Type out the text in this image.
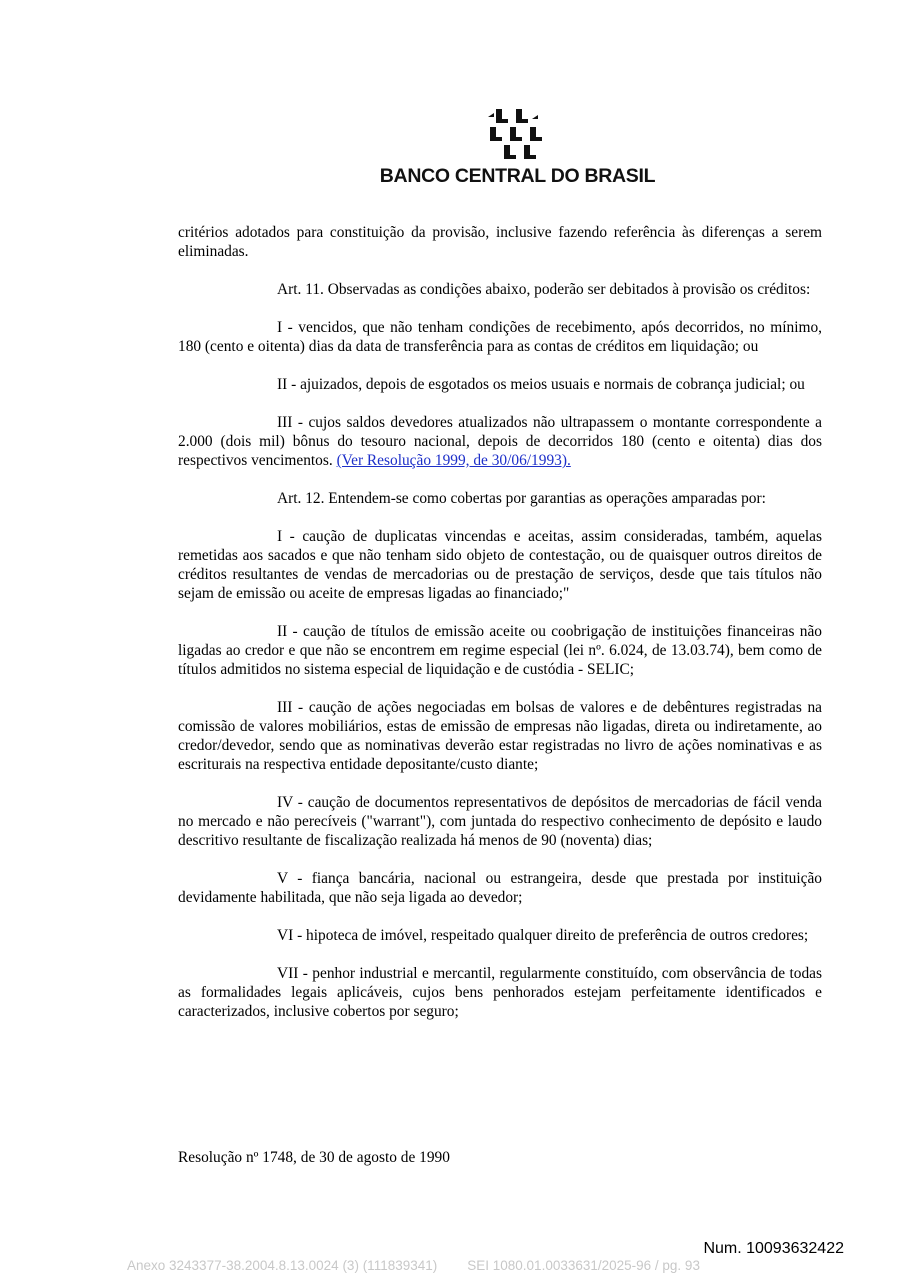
BANCO CENTRAL DO BRASIL

critérios adotados para constituição da provisão, inclusive fazendo referência às diferenças a serem eliminadas.

Art. 11. Observadas as condições abaixo, poderão ser debitados à provisão os créditos:

I - vencidos, que não tenham condições de recebimento, após decorridos, no mínimo, 180 (cento e oitenta) dias da data de transferência para as contas de créditos em liquidação; ou

II - ajuizados, depois de esgotados os meios usuais e normais de cobrança judicial; ou

III - cujos saldos devedores atualizados não ultrapassem o montante correspondente a 2.000 (dois mil) bônus do tesouro nacional, depois de decorridos 180 (cento e oitenta) dias dos respectivos vencimentos. (Ver Resolução 1999, de 30/06/1993).

Art. 12. Entendem-se como cobertas por garantias as operações amparadas por:

I - caução de duplicatas vincendas e aceitas, assim consideradas, também, aquelas remetidas aos sacados e que não tenham sido objeto de contestação, ou de quaisquer outros direitos de créditos resultantes de vendas de mercadorias ou de prestação de serviços, desde que tais títulos não sejam de emissão ou aceite de empresas ligadas ao financiado;"

II - caução de títulos de emissão aceite ou coobrigação de instituições financeiras não ligadas ao credor e que não se encontrem em regime especial (lei nº. 6.024, de 13.03.74), bem como de títulos admitidos no sistema especial de liquidação e de custódia - SELIC;

III - caução de ações negociadas em bolsas de valores e de debêntures registradas na comissão de valores mobiliários, estas de emissão de empresas não ligadas, direta ou indiretamente, ao credor/devedor, sendo que as nominativas deverão estar registradas no livro de ações nominativas e as escriturais na respectiva entidade depositante/custo diante;

IV - caução de documentos representativos de depósitos de mercadorias de fácil venda no mercado e não perecíveis ("warrant"), com juntada do respectivo conhecimento de depósito e laudo descritivo resultante de fiscalização realizada há menos de 90 (noventa) dias;

V - fiança bancária, nacional ou estrangeira, desde que prestada por instituição devidamente habilitada, que não seja ligada ao devedor;

VI - hipoteca de imóvel, respeitado qualquer direito de preferência de outros credores;

VII - penhor industrial e mercantil, regularmente constituído, com observância de todas as formalidades legais aplicáveis, cujos bens penhorados estejam perfeitamente identificados e caracterizados, inclusive cobertos por seguro;

Resolução nº 1748, de 30 de agosto de 1990
Num. 10093632422
Anexo 3243377-38.2004.8.13.0024 (3) (111839341)        SEI 1080.01.0033631/2025-96 / pg. 93
